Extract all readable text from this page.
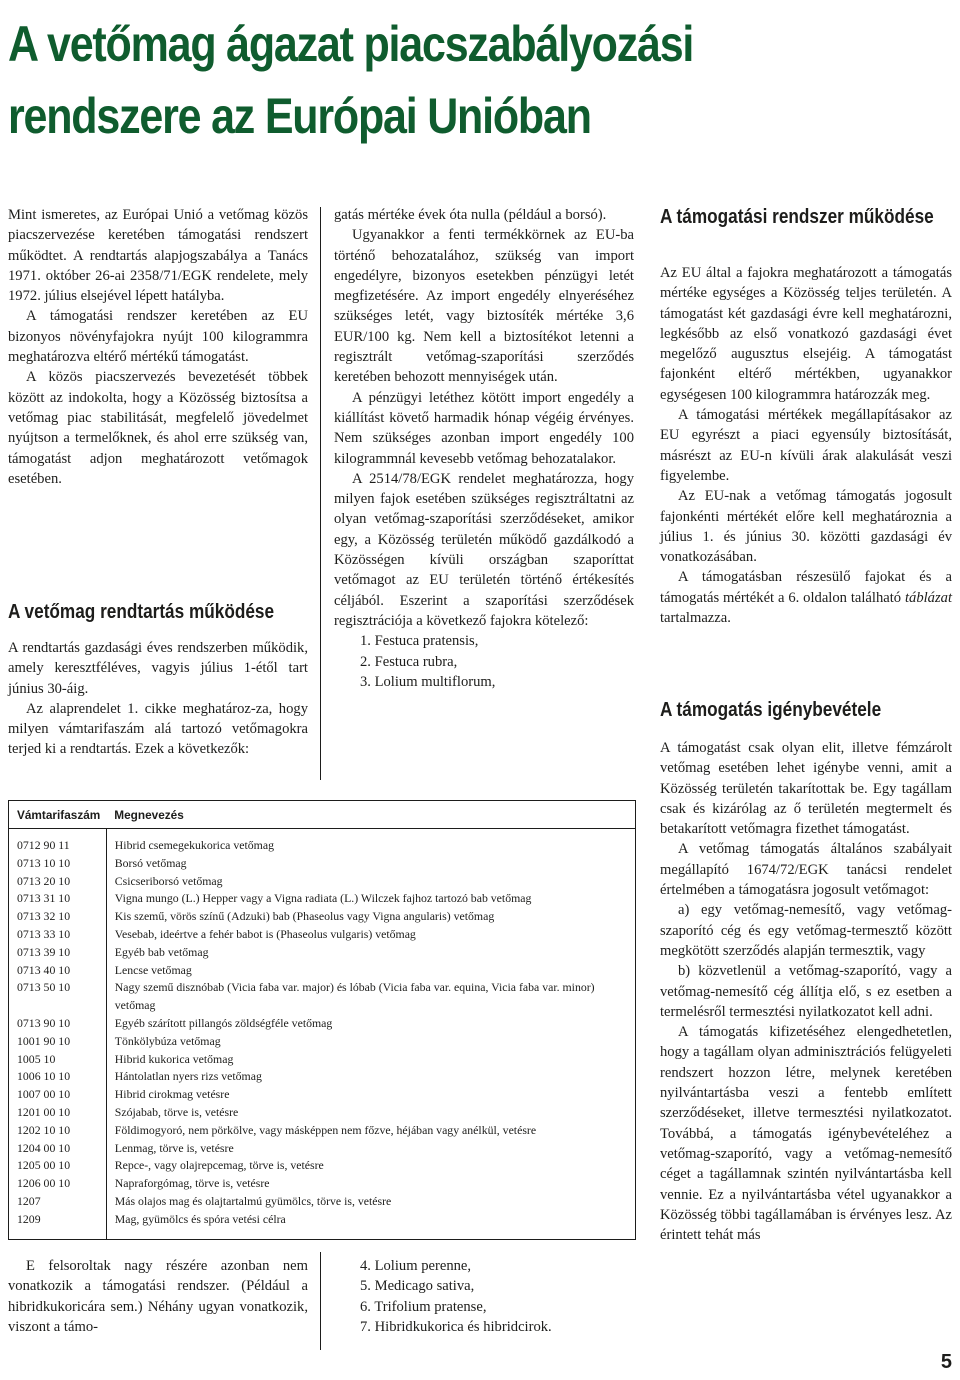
A vetőmag ágazat piacszabályozási
rendszere az Európai Unióban

Mint ismeretes, az Európai Unió a vetőmag közös piacszervezése keretében támogatási rendszert működtet. A rendtartás alapjogszabálya a Tanács 1971. október 26-ai 2358/71/EGK rendelete, mely 1972. július elsejével lépett hatályba.

A támogatási rendszer keretében az EU bizonyos növényfajokra nyújt 100 kilogrammra meghatározva eltérő mértékű támogatást.

A közös piacszervezés bevezetését többek között az indokolta, hogy a Közösség biztosítsa a vetőmag piac stabilitását, megfelelő jövedelmet nyújtson a termelőknek, és ahol erre szükség van, támogatást adjon meghatározott vetőmagok esetében.

A vetőmag rendtartás működése

A rendtartás gazdasági éves rendszerben működik, amely keresztféléves, vagyis július 1-étől tart június 30-áig.

Az alaprendelet 1. cikke meghatároz-za, hogy milyen vámtarifaszám alá tartozó vetőmagokra terjed ki a rendtartás. Ezek a következők:

gatás mértéke évek óta nulla (például a borsó).

Ugyanakkor a fenti termékkörnek az EU-ba történő behozatalához, szükség van import engedélyre, bizonyos esetekben pénzügyi letét megfizetésére. Az import engedély elnyeréséhez szükséges letét, vagy biztosíték mértéke 3,6 EUR/100 kg. Nem kell a biztosítékot letenni a regisztrált vetőmag-szaporítási szerződés keretében behozott mennyiségek után.

A pénzügyi letéthez kötött import engedély a kiállítást követő harmadik hónap végéig érvényes. Nem szükséges azonban import engedély 100 kilogrammnál kevesebb vetőmag behozatalakor.

A 2514/78/EGK rendelet meghatározza, hogy milyen fajok esetében szükséges regisztráltatni az olyan vetőmag-szaporítási szerződéseket, amikor egy, a Közösség területén működő gazdálkodó a Közösségen kívüli országban szaporíttat vetőmagot az EU területén történő értékesítés céljából. Eszerint a szaporítási szerződések regisztrációja a következő fajokra kötelező:

1. Festuca pratensis,
2. Festuca rubra,
3. Lolium multiflorum,
A támogatási rendszer működése

Az EU által a fajokra meghatározott a támogatás mértéke egységes a Közösség teljes területén. A támogatást két gazdasági évre kell meghatározni, legkésőbb az első vonatkozó gazdasági évet megelőző augusztus elsejéig. A támogatást fajonként eltérő mértékben, ugyanakkor egységesen 100 kilogrammra határozzák meg.

A támogatási mértékek megállapításakor az EU egyrészt a piaci egyensúly biztosítását, másrészt az EU-n kívüli árak alakulását veszi figyelembe.

Az EU-nak a vetőmag támogatás jogosult fajonkénti mértékét előre kell meghatároznia a július 1. és június 30. közötti gazdasági év vonatkozásában.

A támogatásban részesülő fajokat és a támogatás mértékét a 6. oldalon található táblázat tartalmazza.

A támogatás igénybevétele

A támogatást csak olyan elit, illetve fémzárolt vetőmag esetében lehet igénybe venni, amit a Közösség területén takarítottak be. Egy tagállam csak és kizárólag az ő területén megtermelt és betakarított vetőmagra fizethet támogatást.

A vetőmag támogatás általános szabályait megállapító 1674/72/EGK tanácsi rendelet értelmében a támogatásra jogosult vetőmagot:

a) egy vetőmag-nemesítő, vagy vetőmag-szaporító cég és egy vetőmag-termesztő között megkötött szerződés alapján termesztik, vagy

b) közvetlenül a vetőmag-szaporító, vagy a vetőmag-nemesítő cég állítja elő, s ez esetben a termelésről termesztési nyilatkozatot kell adni.

A támogatás kifizetéséhez elengedhetetlen, hogy a tagállam olyan adminisztrációs felügyeleti rendszert hozzon létre, melynek keretében nyilvántartásba veszi a fentebb említett szerződéseket, illetve termesztési nyilatkozatot. Továbbá, a támogatás igénybevételéhez a vetőmag-szaporító, vagy a vetőmag-nemesítő céget a tagállamnak szintén nyilvántartásba kell vennie. Ez a nyilvántartásba vétel ugyanakkor a Közösség többi tagállamában is érvényes lesz. Az érintett tehát más

Vámtarifaszám	Megnevezés
0712 90 11	Hibrid csemegekukorica vetőmag
0713 10 10	Borsó vetőmag
0713 20 10	Csicseriborsó vetőmag
0713 31 10	Vigna mungo (L.) Hepper vagy a Vigna radiata (L.) Wilczek fajhoz tartozó bab vetőmag
0713 32 10	Kis szemű, vörös színű (Adzuki) bab (Phaseolus vagy Vigna angularis) vetőmag
0713 33 10	Vesebab, ideértve a fehér babot is (Phaseolus vulgaris) vetőmag
0713 39 10	Egyéb bab vetőmag
0713 40 10	Lencse vetőmag
0713 50 10	Nagy szemű disznóbab (Vicia faba var. major) és lóbab (Vicia faba var. equina, Vicia faba var. minor) vetőmag
0713 90 10	Egyéb szárított pillangós zöldségféle vetőmag
1001 90 10	Tönkölybúza vetőmag
1005 10	Hibrid kukorica vetőmag
1006 10 10	Hántolatlan nyers rizs vetőmag
1007 00 10	Hibrid cirokmag vetésre
1201 00 10	Szójabab, törve is, vetésre
1202 10 10	Földimogyoró, nem pörkölve, vagy másképpen nem főzve, héjában vagy anélkül, vetésre
1204 00 10	Lenmag, törve is, vetésre
1205 00 10	Repce-, vagy olajrepcemag, törve is, vetésre
1206 00 10	Napraforgómag, törve is, vetésre
1207	Más olajos mag és olajtartalmú gyümölcs, törve is, vetésre
1209	Mag, gyümölcs és spóra vetési célra

E felsoroltak nagy részére azonban nem vonatkozik a támogatási rendszer. (Például a hibridkukoricára sem.) Néhány ugyan vonatkozik, viszont a támo-

4. Lolium perenne,
5. Medicago sativa,
6. Trifolium pratense,
7. Hibridkukorica és hibridcirok.
5
